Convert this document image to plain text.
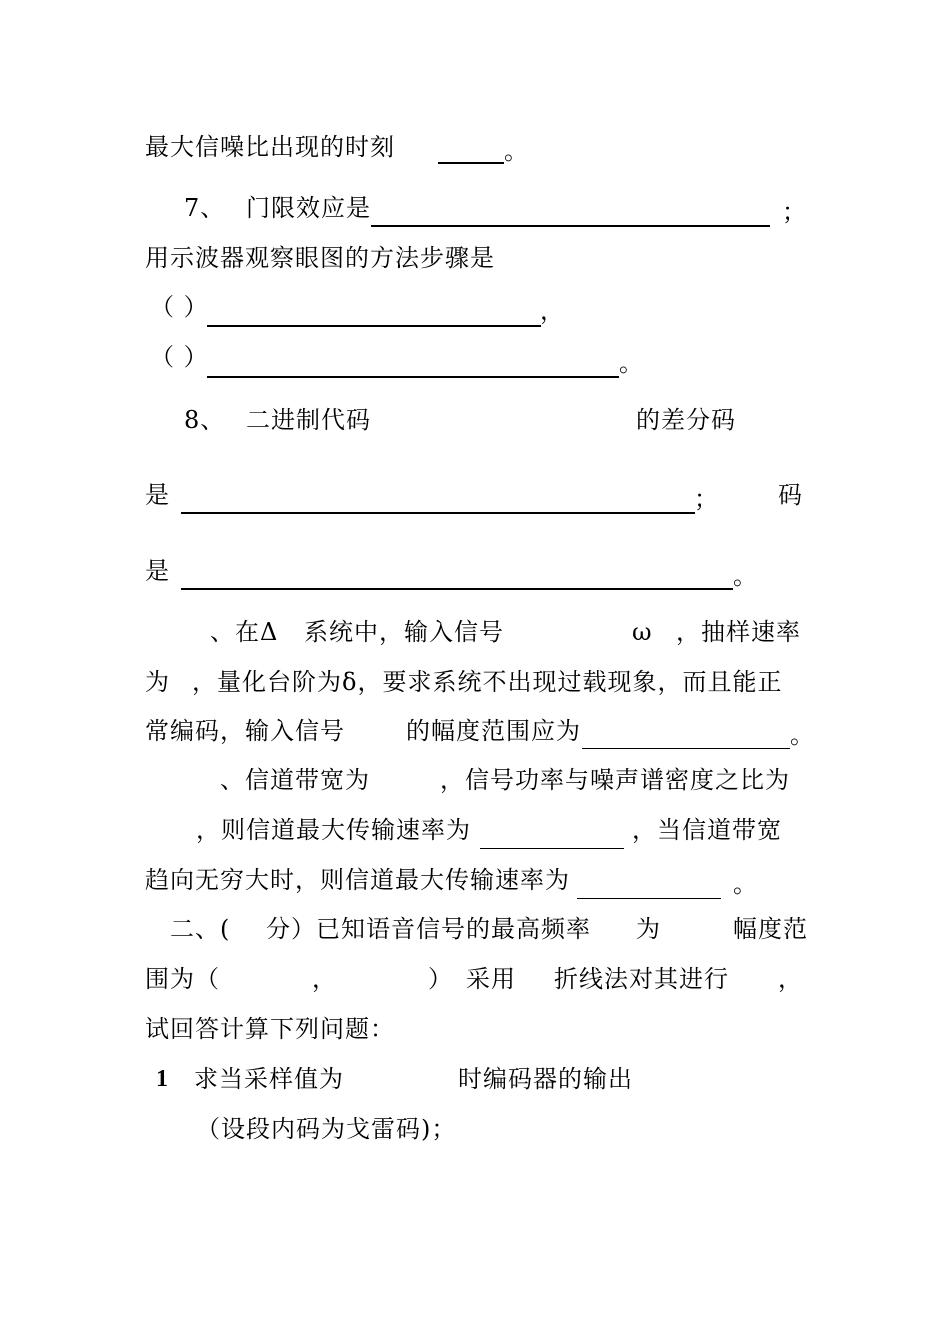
最大信噪比出现的时刻	。
7、 门限效应是	；
用示波器观察眼图的方法步骤是
（ ）	，
（ ）	。
8、 二进制代码	的差分码
是	； 码
是	。
、在Δ 系统中，输入信号	ω ，抽样速率
为 ，量化台阶为δ，要求系统不出现过载现象，而且能正
常编码，输入信号	的幅度范围应为	。
、信道带宽为	，信号功率与噪声谱密度之比为
，则信道最大传输速率为	，当信道带宽
趋向无穷大时，则信道最大传输速率为	。
二、( 分）已知语音信号的最高频率 为	幅度范
围为（	，	） 采用 折线法对其进行 ，
试回答计算下列问题：
1 求当采样值为	时编码器的输出
（设段内码为戈雷码)；
